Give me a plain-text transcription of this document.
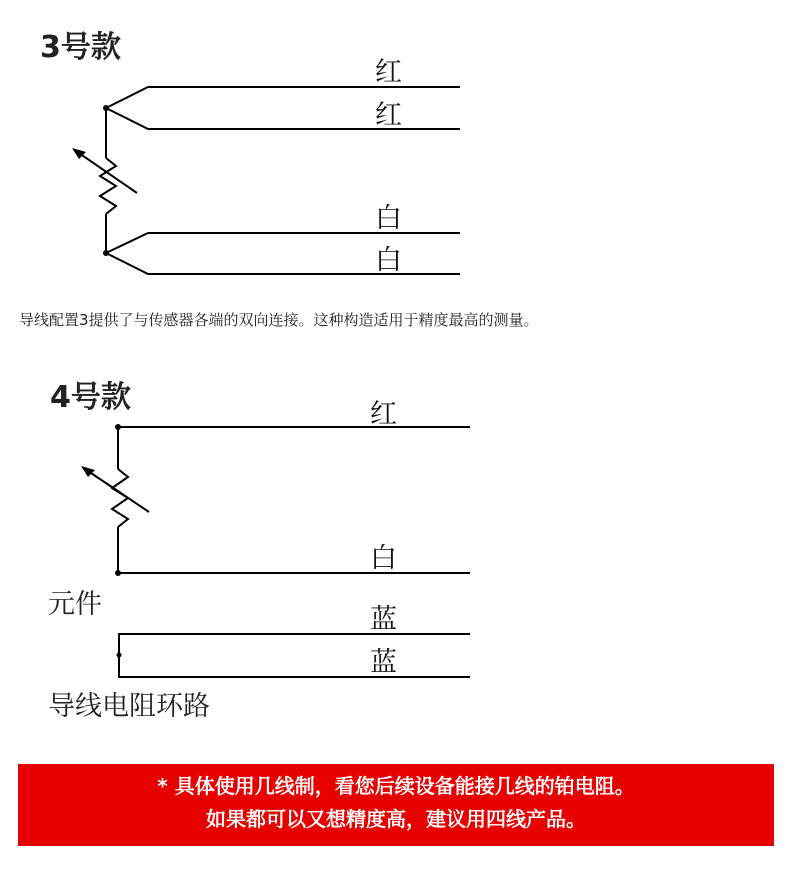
3号款
红
红
白
白
导线配置3提供了与传感器各端的双向连接。这种构造适用于精度最高的测量。
4号款	红
白
蓝
蓝
元件
导线电阻环路
* 具体使用几线制，看您后续设备能接几线的铂电阻。
如果都可以又想精度高，建议用四线产品。
